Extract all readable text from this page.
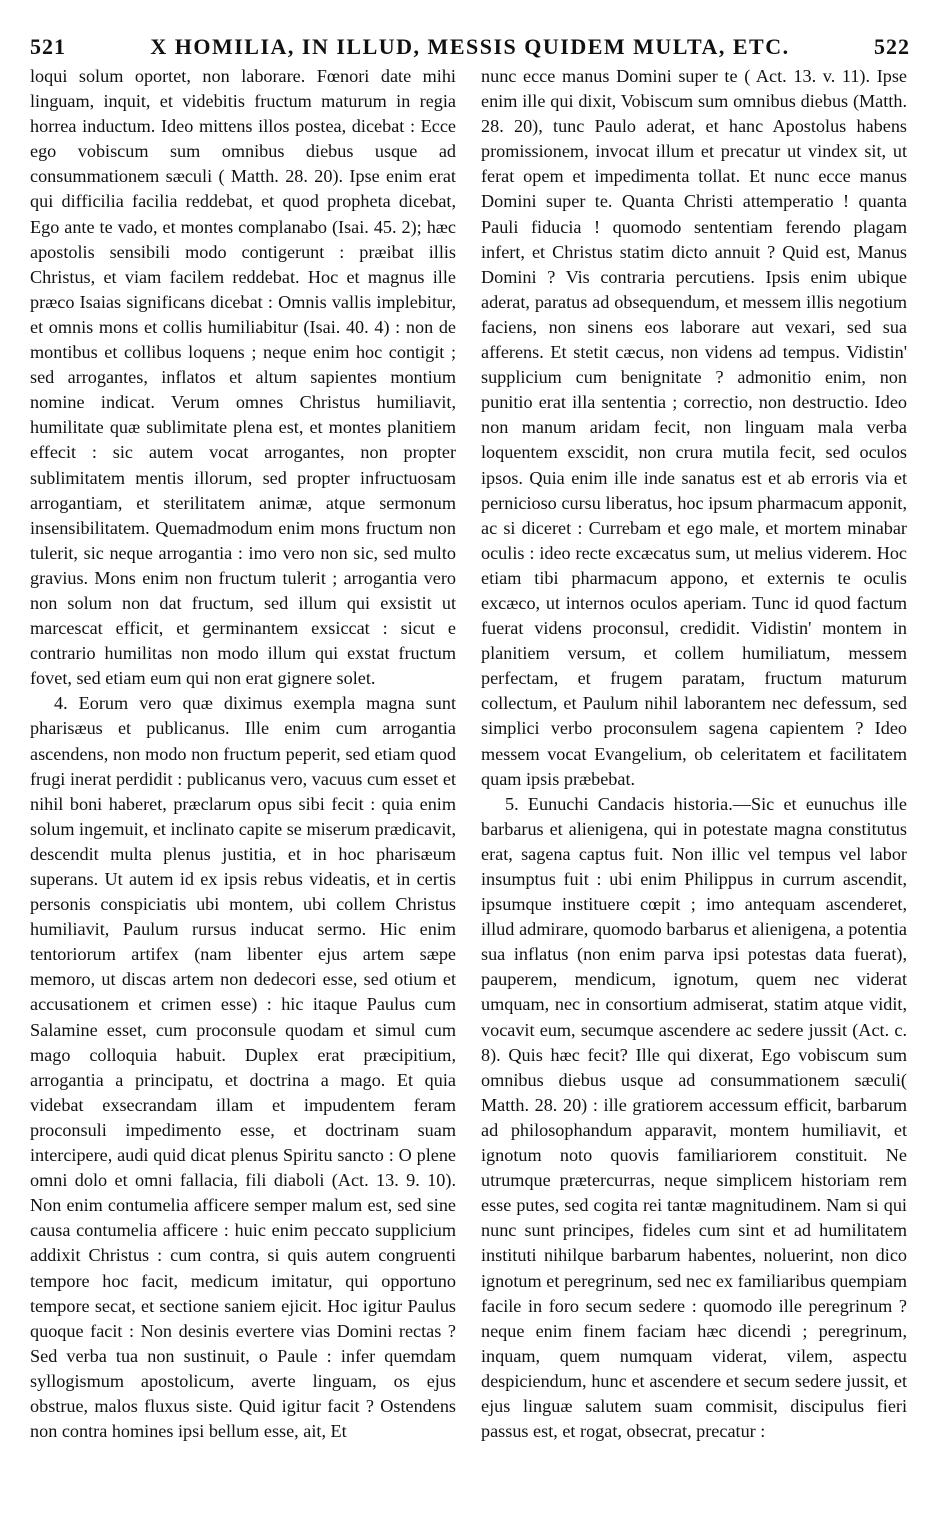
521	X HOMILIA, IN ILLUD, MESSIS QUIDEM MULTA, ETC.	522

loqui solum oportet, non laborare. Fœnori date mihi linguam, inquit, et videbitis fructum maturum in regia horrea inductum. Ideo mittens illos postea, dicebat : Ecce ego vobiscum sum omnibus diebus usque ad consummationem sæculi ( Matth. 28. 20). Ipse enim erat qui difficilia facilia reddebat, et quod propheta dicebat, Ego ante te vado, et montes complanabo (Isai. 45. 2); hæc apostolis sensibili modo contigerunt : præibat illis Christus, et viam facilem reddebat. Hoc et magnus ille præco Isaias significans dicebat : Omnis vallis implebitur, et omnis mons et collis humiliabitur (Isai. 40. 4) : non de montibus et collibus loquens ; neque enim hoc contigit ; sed arrogantes, inflatos et altum sapientes montium nomine indicat. Verum omnes Christus humiliavit, humilitate quæ sublimitate plena est, et montes planitiem effecit : sic autem vocat arrogantes, non propter sublimitatem mentis illorum, sed propter infructuosam arrogantiam, et sterilitatem animæ, atque sermonum insensibilitatem. Quemadmodum enim mons fructum non tulerit, sic neque arrogantia : imo vero non sic, sed multo gravius. Mons enim non fructum tulerit ; arrogantia vero non solum non dat fructum, sed illum qui exsistit ut marcescat efficit, et germinantem exsiccat : sicut e contrario humilitas non modo illum qui exstat fructum fovet, sed etiam eum qui non erat gignere solet.

4. Eorum vero quæ diximus exempla magna sunt pharisæus et publicanus. Ille enim cum arrogantia ascendens, non modo non fructum peperit, sed etiam quod frugi inerat perdidit : publicanus vero, vacuus cum esset et nihil boni haberet, præclarum opus sibi fecit : quia enim solum ingemuit, et inclinato capite se miserum prædicavit, descendit multa plenus justitia, et in hoc pharisæum superans. Ut autem id ex ipsis rebus videatis, et in certis personis conspiciatis ubi montem, ubi collem Christus humiliavit, Paulum rursus inducat sermo. Hic enim tentoriorum artifex (nam libenter ejus artem sæpe memoro, ut discas artem non dedecori esse, sed otium et accusationem et crimen esse) : hic itaque Paulus cum Salamine esset, cum proconsule quodam et simul cum mago colloquia habuit. Duplex erat præcipitium, arrogantia a principatu, et doctrina a mago. Et quia videbat exsecrandam illam et impudentem feram proconsuli impedimento esse, et doctrinam suam intercipere, audi quid dicat plenus Spiritu sancto : O plene omni dolo et omni fallacia, fili diaboli (Act. 13. 9. 10). Non enim contumelia afficere semper malum est, sed sine causa contumelia afficere : huic enim peccato supplicium addixit Christus : cum contra, si quis autem congruenti tempore hoc facit, medicum imitatur, qui opportuno tempore secat, et sectione saniem ejicit. Hoc igitur Paulus quoque facit : Non desinis evertere vias Domini rectas ? Sed verba tua non sustinuit, o Paule : infer quemdam syllogismum apostolicum, averte linguam, os ejus obstrue, malos fluxus siste. Quid igitur facit ? Ostendens non contra homines ipsi bellum esse, ait, Et

nunc ecce manus Domini super te ( Act. 13. v. 11). Ipse enim ille qui dixit, Vobiscum sum omnibus diebus (Matth. 28. 20), tunc Paulo aderat, et hanc Apostolus habens promissionem, invocat illum et precatur ut vindex sit, ut ferat opem et impedimenta tollat. Et nunc ecce manus Domini super te. Quanta Christi attemperatio ! quanta Pauli fiducia ! quomodo sententiam ferendo plagam infert, et Christus statim dicto annuit ? Quid est, Manus Domini ? Vis contraria percutiens. Ipsis enim ubique aderat, paratus ad obsequendum, et messem illis negotium faciens, non sinens eos laborare aut vexari, sed sua afferens. Et stetit cæcus, non videns ad tempus. Vidistin' supplicium cum benignitate ? admonitio enim, non punitio erat illa sententia ; correctio, non destructio. Ideo non manum aridam fecit, non linguam mala verba loquentem exscidit, non crura mutila fecit, sed oculos ipsos. Quia enim ille inde sanatus est et ab erroris via et pernicioso cursu liberatus, hoc ipsum pharmacum apponit, ac si diceret : Currebam et ego male, et mortem minabar oculis : ideo recte excæcatus sum, ut melius viderem. Hoc etiam tibi pharmacum appono, et externis te oculis excæco, ut internos oculos aperiam. Tunc id quod factum fuerat videns proconsul, credidit. Vidistin' montem in planitiem versum, et collem humiliatum, messem perfectam, et frugem paratam, fructum maturum collectum, et Paulum nihil laborantem nec defessum, sed simplici verbo proconsulem sagena capientem ? Ideo messem vocat Evangelium, ob celeritatem et facilitatem quam ipsis præbebat.

5. Eunuchi Candacis historia.—Sic et eunuchus ille barbarus et alienigena, qui in potestate magna constitutus erat, sagena captus fuit. Non illic vel tempus vel labor insumptus fuit : ubi enim Philippus in currum ascendit, ipsumque instituere cœpit ; imo antequam ascenderet, illud admirare, quomodo barbarus et alienigena, a potentia sua inflatus (non enim parva ipsi potestas data fuerat), pauperem, mendicum, ignotum, quem nec viderat umquam, nec in consortium admiserat, statim atque vidit, vocavit eum, secumque ascendere ac sedere jussit (Act. c. 8). Quis hæc fecit? Ille qui dixerat, Ego vobiscum sum omnibus diebus usque ad consummationem sæculi( Matth. 28. 20) : ille gratiorem accessum efficit, barbarum ad philosophandum apparavit, montem humiliavit, et ignotum noto quovis familiariorem constituit. Ne utrumque prætercurras, neque simplicem historiam rem esse putes, sed cogita rei tantæ magnitudinem. Nam si qui nunc sunt principes, fideles cum sint et ad humilitatem instituti nihilque barbarum habentes, noluerint, non dico ignotum et peregrinum, sed nec ex familiaribus quempiam facile in foro secum sedere : quomodo ille peregrinum ? neque enim finem faciam hæc dicendi ; peregrinum, inquam, quem numquam viderat, vilem, aspectu despiciendum, hunc et ascendere et secum sedere jussit, et ejus linguæ salutem suam commisit, discipulus fieri passus est, et rogat, obsecrat, precatur :
